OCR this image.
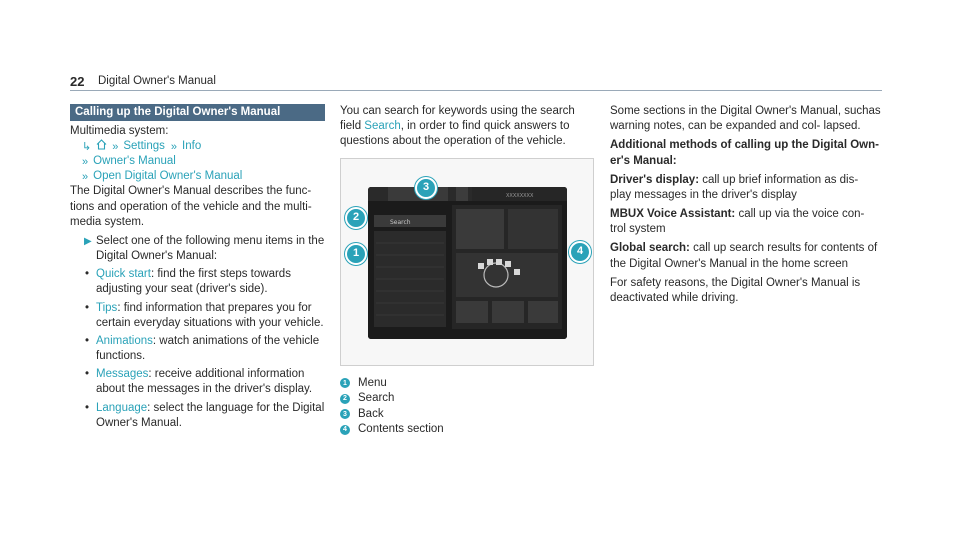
22 Digital Owner's Manual
Calling up the Digital Owner's Manual
Multimedia system:
↳ » Settings » Info
» Owner's Manual
» Open Digital Owner's Manual

The Digital Owner's Manual describes the func- tions and operation of the vehicle and the multi- media system.

▶ Select one of the following menu items in the Digital Owner's Manual:
• Quick start: find the first steps towards adjusting your seat (driver's side).
• Tips: find information that prepares you for certain everyday situations with your vehicle.
• Animations: watch animations of the vehicle functions.
• Messages: receive additional information about the messages in the driver's display.
• Language: select the language for the Digital Owner's Manual.

You can search for keywords using the search field Search, in order to find quick answers to questions about the operation of the vehicle.

XXXXXXXX
Search
3
2
1	4
1 Menu
2 Search
3 Back
4 Contents section

Some sections in the Digital Owner's Manual, suchas warning notes, can be expanded and col- lapsed.

Additional methods of calling up the Digital Own- er's Manual:

Driver's display: call up brief information as dis- play messages in the driver's display

MBUX Voice Assistant: call up via the voice con- trol system

Global search: call up search results for contents of the Digital Owner's Manual in the home screen

For safety reasons, the Digital Owner's Manual is deactivated while driving.
